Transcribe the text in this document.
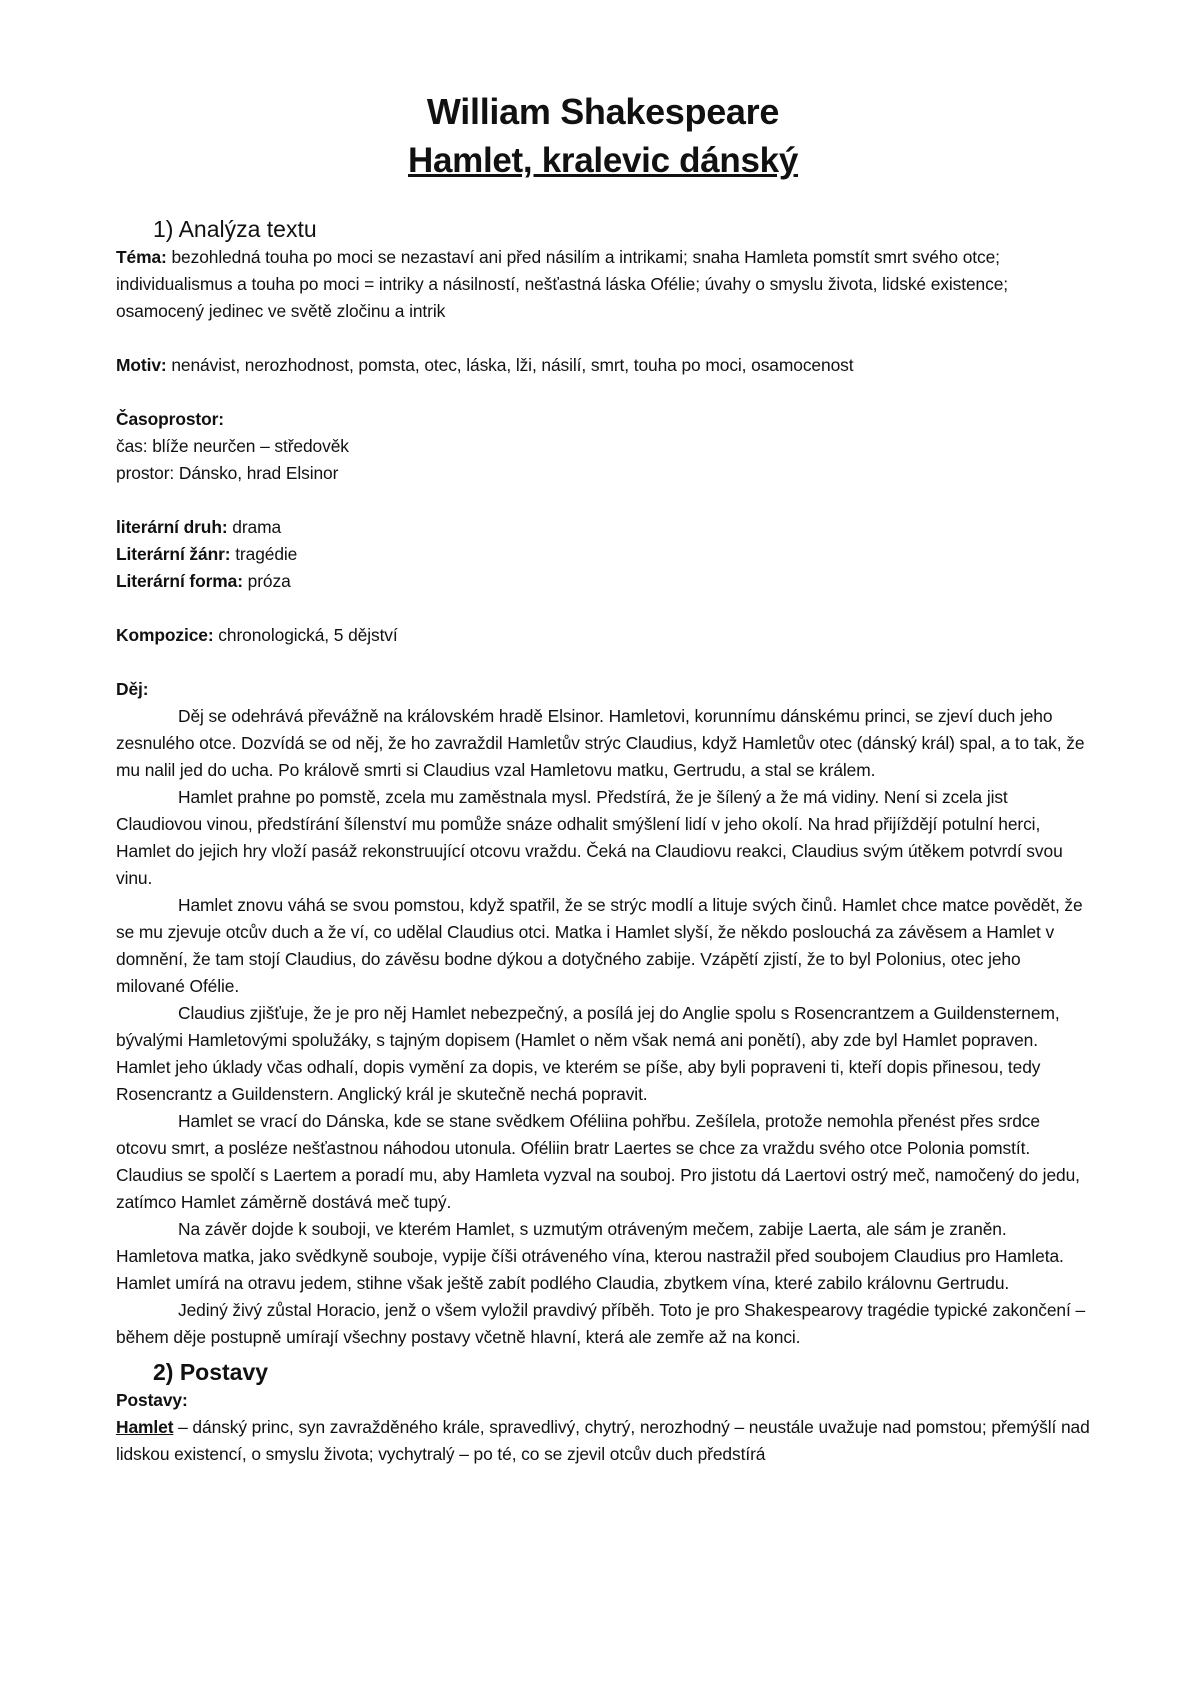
William Shakespeare
Hamlet, kralevic dánský
1) Analýza textu

Téma: bezohledná touha po moci se nezastaví ani před násilím a intrikami; snaha Hamleta pomstít smrt svého otce; individualismus a touha po moci = intriky a násilností, nešťastná láska Ofélie; úvahy o smyslu života, lidské existence; osamocený jedinec ve světě zločinu a intrik

Motiv: nenávist, nerozhodnost, pomsta, otec, láska, lži, násilí, smrt, touha po moci, osamocenost

Časoprostor:

čas: blíže neurčen – středověk

prostor: Dánsko, hrad Elsinor

literární druh: drama

Literární žánr: tragédie

Literární forma: próza

Kompozice: chronologická, 5 dějství

Děj:

Děj se odehrává převážně na královském hradě Elsinor. Hamletovi, korunnímu dánskému princi, se zjeví duch jeho zesnulého otce. Dozvídá se od něj, že ho zavraždil Hamletův strýc Claudius, když Hamletův otec (dánský král) spal, a to tak, že mu nalil jed do ucha. Po králově smrti si Claudius vzal Hamletovu matku, Gertrudu, a stal se králem.

Hamlet prahne po pomstě, zcela mu zaměstnala mysl. Předstírá, že je šílený a že má vidiny. Není si zcela jist Claudiovou vinou, předstírání šílenství mu pomůže snáze odhalit smýšlení lidí v jeho okolí. Na hrad přijíždějí potulní herci, Hamlet do jejich hry vloží pasáž rekonstruující otcovu vraždu. Čeká na Claudiovu reakci, Claudius svým útěkem potvrdí svou vinu.

Hamlet znovu váhá se svou pomstou, když spatřil, že se strýc modlí a lituje svých činů. Hamlet chce matce povědět, že se mu zjevuje otcův duch a že ví, co udělal Claudius otci. Matka i Hamlet slyší, že někdo poslouchá za závěsem a Hamlet v domnění, že tam stojí Claudius, do závěsu bodne dýkou a dotyčného zabije. Vzápětí zjistí, že to byl Polonius, otec jeho milované Ofélie.

Claudius zjišťuje, že je pro něj Hamlet nebezpečný, a posílá jej do Anglie spolu s Rosencrantzem a Guildensternem, bývalými Hamletovými spolužáky, s tajným dopisem (Hamlet o něm však nemá ani ponětí), aby zde byl Hamlet popraven. Hamlet jeho úklady včas odhalí, dopis vymění za dopis, ve kterém se píše, aby byli popraveni ti, kteří dopis přinesou, tedy Rosencrantz a Guildenstern. Anglický král je skutečně nechá popravit.

Hamlet se vrací do Dánska, kde se stane svědkem Oféliina pohřbu. Zešílela, protože nemohla přenést přes srdce otcovu smrt, a posléze nešťastnou náhodou utonula. Oféliin bratr Laertes se chce za vraždu svého otce Polonia pomstít. Claudius se spolčí s Laertem a poradí mu, aby Hamleta vyzval na souboj. Pro jistotu dá Laertovi ostrý meč, namočený do jedu, zatímco Hamlet záměrně dostává meč tupý.

Na závěr dojde k souboji, ve kterém Hamlet, s uzmutým otráveným mečem, zabije Laerta, ale sám je zraněn. Hamletova matka, jako svědkyně souboje, vypije číši otráveného vína, kterou nastražil před soubojem Claudius pro Hamleta. Hamlet umírá na otravu jedem, stihne však ještě zabít podlého Claudia, zbytkem vína, které zabilo královnu Gertrudu.

Jediný živý zůstal Horacio, jenž o všem vyložil pravdivý příběh. Toto je pro Shakespearovy tragédie typické zakončení – během děje postupně umírají všechny postavy včetně hlavní, která ale zemře až na konci.

2) Postavy

Postavy:

Hamlet – dánský princ, syn zavražděného krále, spravedlivý, chytrý, nerozhodný – neustále uvažuje nad pomstou; přemýšlí nad lidskou existencí, o smyslu života; vychytralý – po té, co se zjevil otcův duch předstírá
